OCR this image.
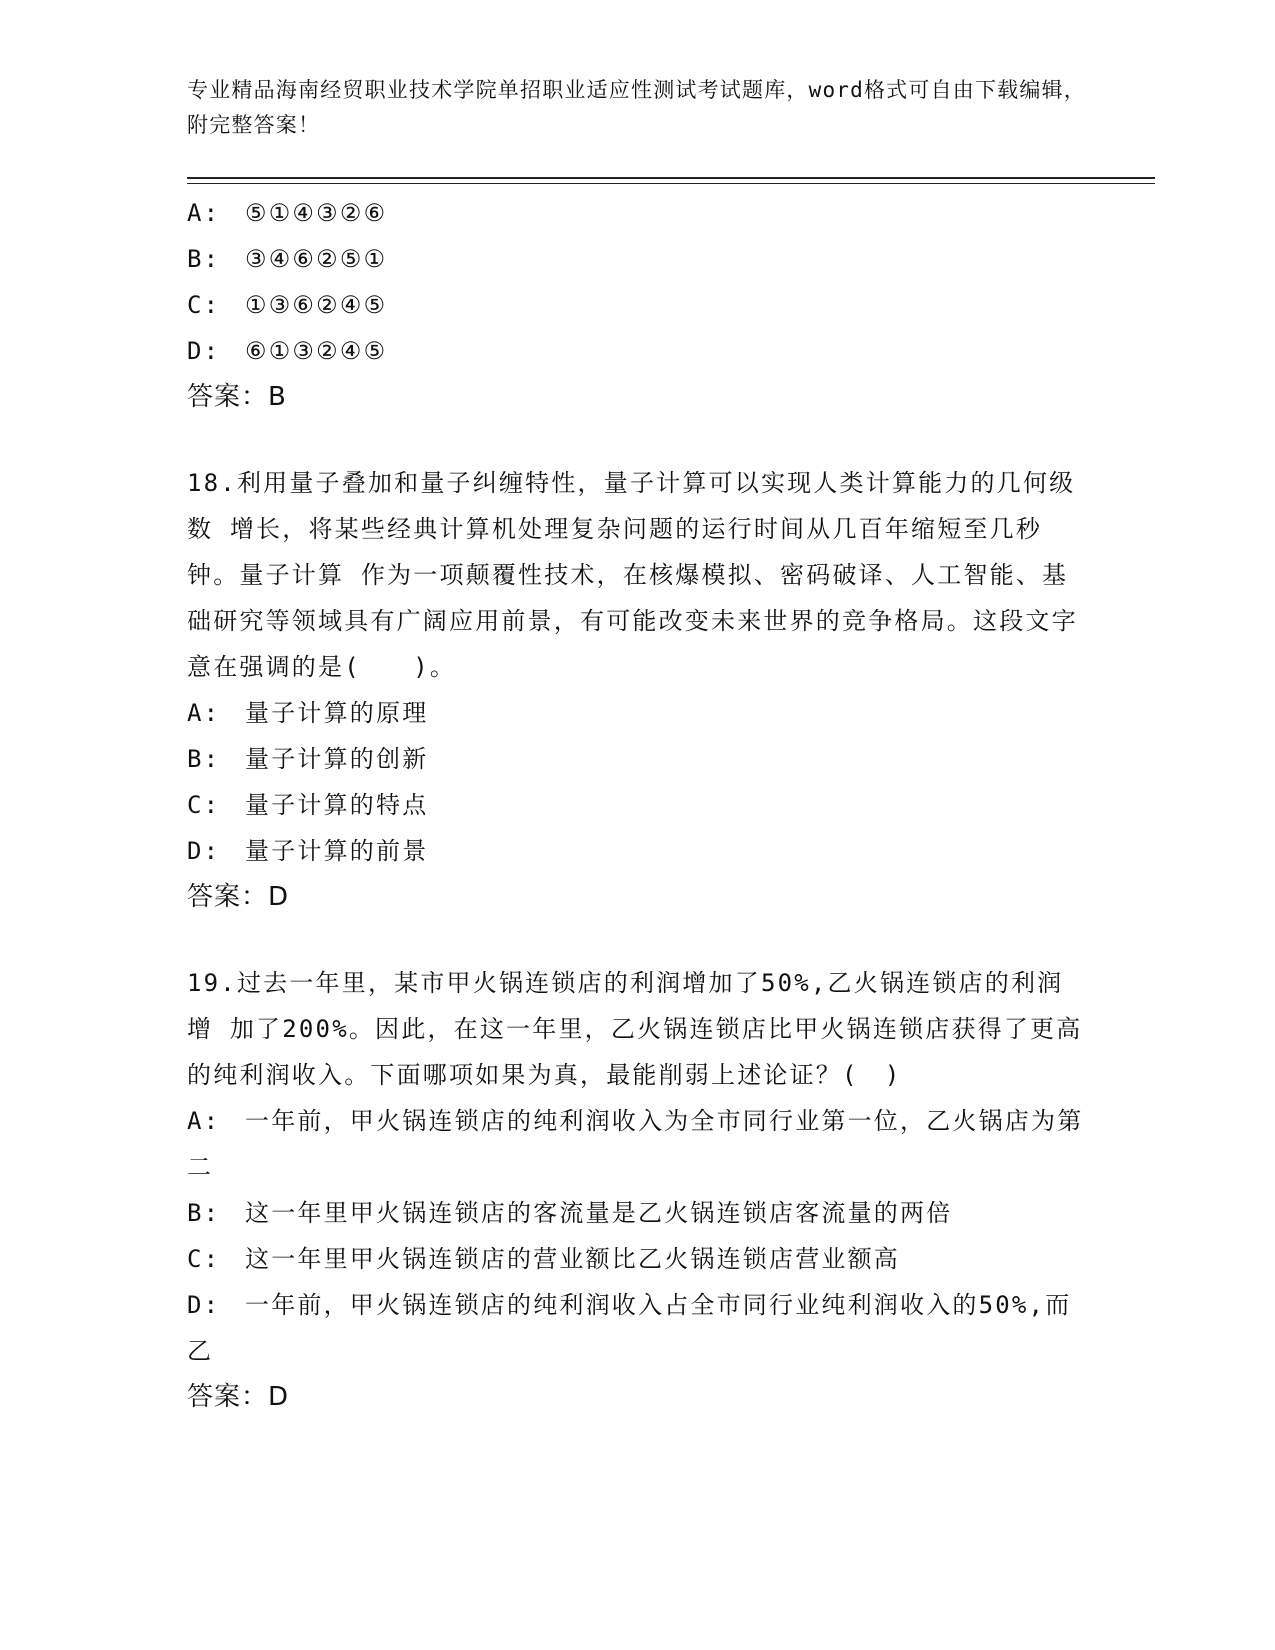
专业精品海南经贸职业技术学院单招职业适应性测试考试题库，word格式可自由下载编辑，附完整答案！
A:	⑤①④③②⑥
B:	③④⑥②⑤①
C:	①③⑥②④⑤
D:	⑥①③②④⑤

答案：B

18.利用量子叠加和量子纠缠特性，量子计算可以实现人类计算能力的几何级数 增长，将某些经典计算机处理复杂问题的运行时间从几百年缩短至几秒钟。量子计算 作为一项颠覆性技术，在核爆模拟、密码破译、人工智能、基础研究等领域具有广阔应用前景，有可能改变未来世界的竞争格局。这段文字意在强调的是(　　)。

A:	量子计算的原理
B:	量子计算的创新
C:	量子计算的特点
D:	量子计算的前景

答案：D

19.过去一年里，某市甲火锅连锁店的利润增加了50%,乙火锅连锁店的利润增 加了200%。因此，在这一年里，乙火锅连锁店比甲火锅连锁店获得了更高的纯利润收入。下面哪项如果为真，最能削弱上述论证？(　)

A: 一年前，甲火锅连锁店的纯利润收入为全市同行业第一位，乙火锅店为第二
B:	这一年里甲火锅连锁店的客流量是乙火锅连锁店客流量的两倍
C:	这一年里甲火锅连锁店的营业额比乙火锅连锁店营业额高
D: 一年前，甲火锅连锁店的纯利润收入占全市同行业纯利润收入的50%,而乙

答案：D
